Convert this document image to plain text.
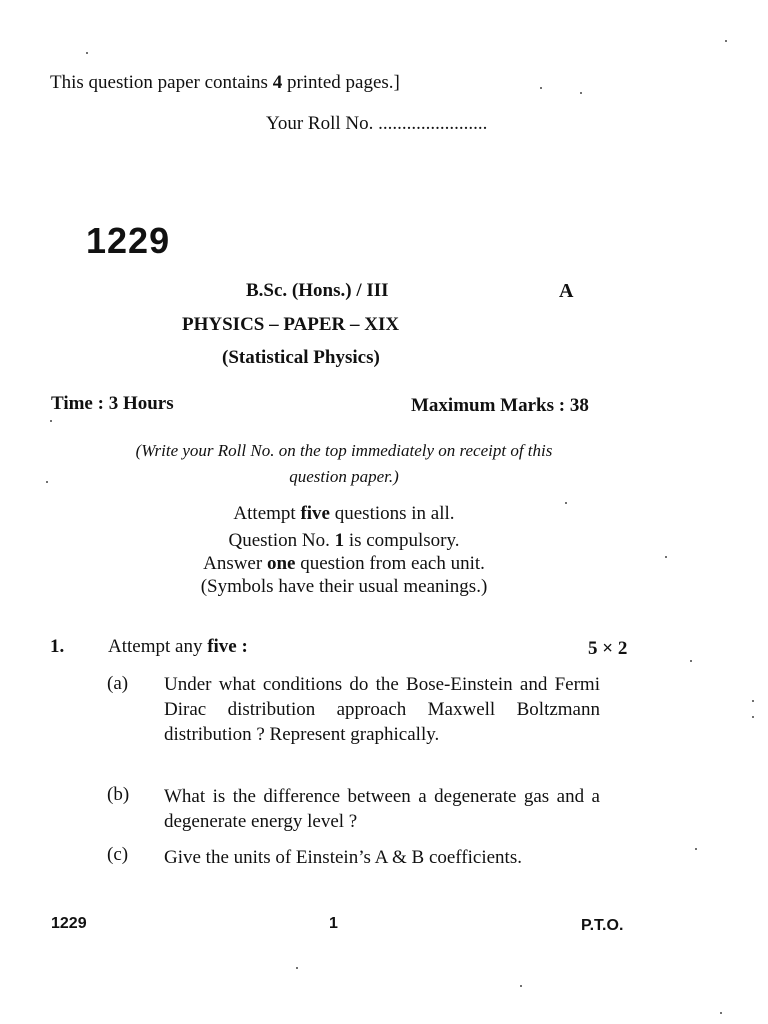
This question paper contains 4 printed pages.]
Your Roll No. .......................
1229
B.Sc. (Hons.) / III	A
PHYSICS – PAPER – XIX
(Statistical Physics)
Time : 3 Hours	Maximum Marks : 38
(Write your Roll No. on the top immediately on receipt of this
question paper.)
Attempt five questions in all.
Question No. 1 is compulsory.
Answer one question from each unit.
(Symbols have their usual meanings.)
1. Attempt any five :	5 × 2
(a) Under what conditions do the Bose-Einstein and Fermi Dirac distribution approach Maxwell Boltzmann distribution ? Represent graphically.
(b) What is the difference between a degenerate gas and a degenerate energy level ?
(c) Give the units of Einstein’s A & B coefficients.
1229	1	P.T.O.
